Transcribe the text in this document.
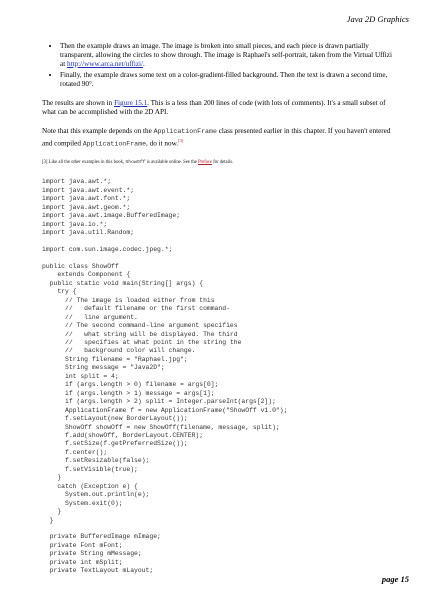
Java 2D Graphics
• Then the example draws an image. The image is broken into small pieces, and each piece is drawn partially transparent, allowing the circles to show through. The image is Raphael's self-portrait, taken from the Virtual Uffizi at http://www.arca.net/uffizi/.
• Finally, the example draws some text on a color-gradient-filled background. Then the text is drawn a second time, rotated 90°.

The results are shown in Figure 15.1. This is a less than 200 lines of code (with lots of comments). It's a small subset of what can be accomplished with the 2D API.

Note that this example depends on the ApplicationFrame class presented earlier in this chapter. If you haven't entered and compiled ApplicationFrame, do it now.[3]

[3] Like all the other examples in this book, ShowOff is available online. See the Preface for details.
import java.awt.*;
import java.awt.event.*;
import java.awt.font.*;
import java.awt.geom.*;
import java.awt.image.BufferedImage;
import java.io.*;
import java.util.Random;

import com.sun.image.codec.jpeg.*;

public class ShowOff
extends Component {
public static void main(String[] args) {
try {
// The image is loaded either from this
//   default filename or the first command-
//   line argument.
// The second command-line argument specifies
//   what string will be displayed. The third
//   specifies at what point in the string the
//   background color will change.
String filename = "Raphael.jpg";
String message = "Java2D";
int split = 4;
if (args.length > 0) filename = args[0];
if (args.length > 1) message = args[1];
if (args.length > 2) split = Integer.parseInt(args[2]);
ApplicationFrame f = new ApplicationFrame("ShowOff v1.0");
f.setLayout(new BorderLayout());
ShowOff showOff = new ShowOff(filename, message, split);
f.add(showOff, BorderLayout.CENTER);
f.setSize(f.getPreferredSize());
f.center();
f.setResizable(false);
f.setVisible(true);
}
catch (Exception e) {
System.out.println(e);
System.exit(0);
}
}

private BufferedImage mImage;
private Font mFont;
private String mMessage;
private int mSplit;
private TextLayout mLayout;
page 15
